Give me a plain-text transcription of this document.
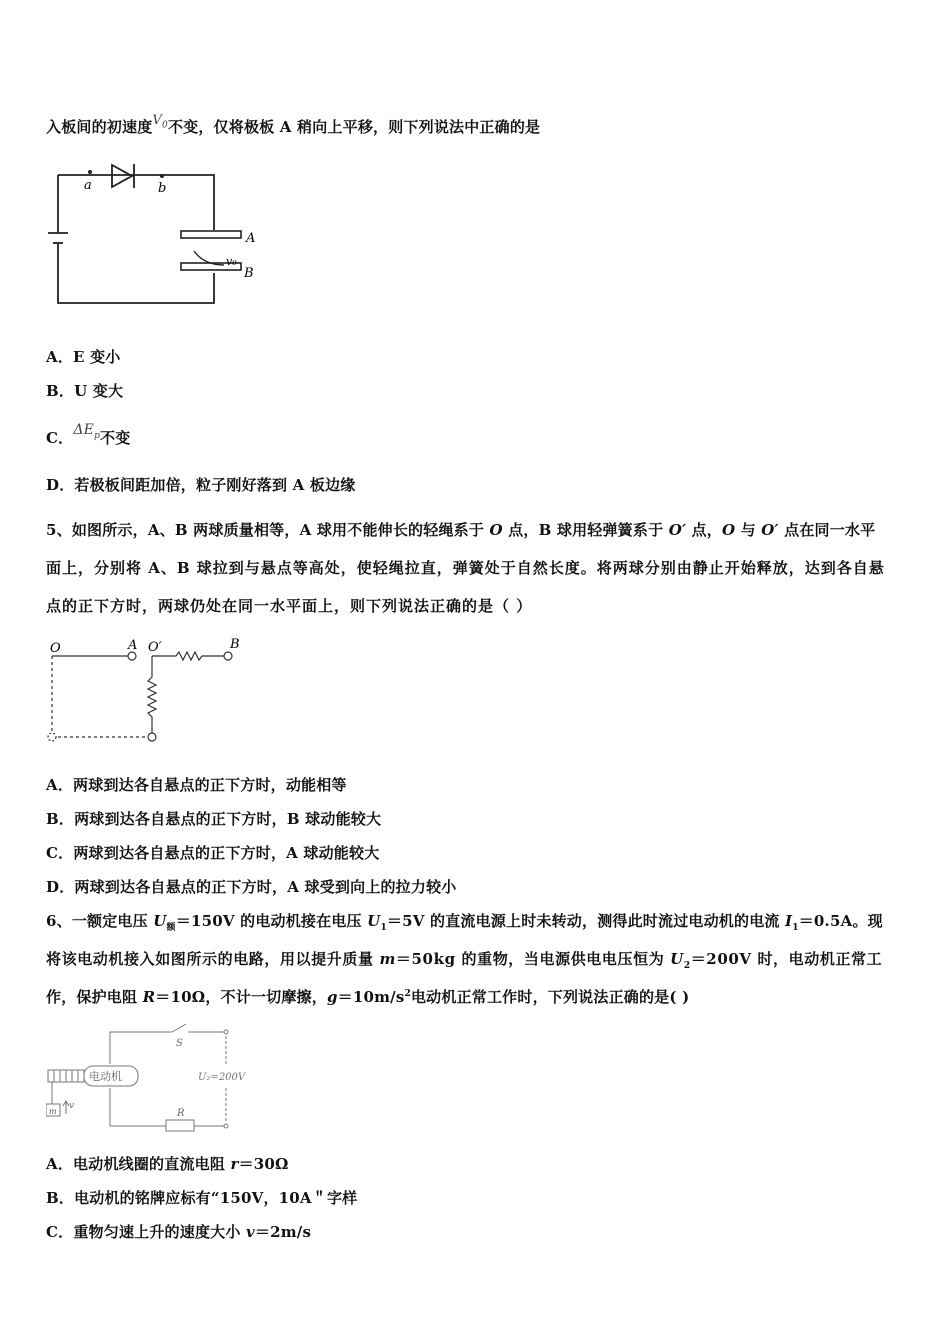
入板间的初速度$V_0$不变，仅将极板 A 稍向上平移，则下列说法中正确的是
a	b
A
B
v₀
A．E 变小
B．U 变大
C．$\Delta E_p$不变
D．若极板间距加倍，粒子刚好落到 A 板边缘
5、如图所示，A、B 两球质量相等，A 球用不能伸长的轻绳系于 O 点，B 球用轻弹簧系于 O′ 点，O 与 O′ 点在同一水平
面上，分别将 A、B 球拉到与悬点等高处，使轻绳拉直，弹簧处于自然长度。将两球分别由静止开始释放，达到各自悬
点的正下方时，两球仍处在同一水平面上，则下列说法正确的是（ ）
O	A O′	B
A．两球到达各自悬点的正下方时，动能相等
B．两球到达各自悬点的正下方时，B 球动能较大
C．两球到达各自悬点的正下方时，A 球动能较大
D．两球到达各自悬点的正下方时，A 球受到向上的拉力较小
6、一额定电压 $U_额=150V$ 的电动机接在电压 $U_1=5V$ 的直流电源上时未转动，测得此时流过电动机的电流 $I_1=0.5A$。现
将该电动机接入如图所示的电路，用以提升质量 m＝50kg 的重物，当电源供电电压恒为 $U_2=200V$ 时，电动机正常工
作，保护电阻 R＝10Ω，不计一切摩擦，$g=10m/s^2$电动机正常工作时，下列说法正确的是( )
S
电动机	U₂=200V
R
m
v
A．电动机线圈的直流电阻 r＝30Ω
B．电动机的铭牌应标有“150V，10A＂字样
C．重物匀速上升的速度大小 v＝2m/s
